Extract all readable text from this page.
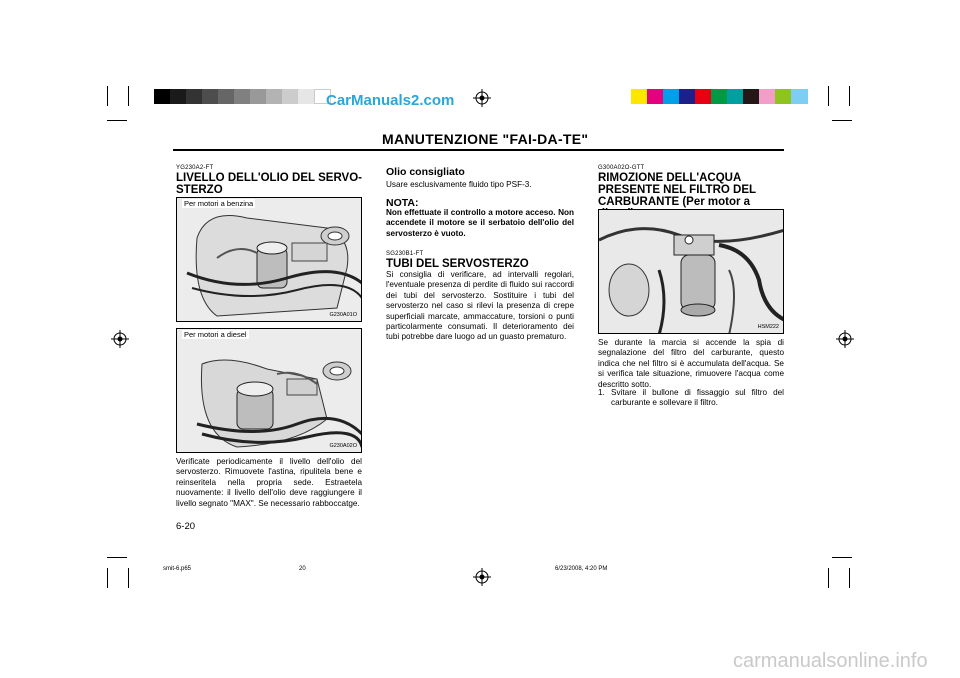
CarManuals2.com
MANUTENZIONE "FAI-DA-TE"
YG230A2-FT
LIVELLO DELL'OLIO DEL SERVO-STERZO
Per motori a benzina
G230A01O
Per motori a diesel
G230A02O
Verificate periodicamente il livello dell'olio del servosterzo. Rimuovete l'astina, ripulitela bene e reinseritela nella propria sede. Estraetela nuovamente: il livello dell'olio deve raggiungere il livello segnato "MAX". Se necessario rabboccatge.
6-20
Olio consigliato
Usare esclusivamente fluido tipo PSF-3.
NOTA:
Non effettuate il controllo a motore acceso. Non accendete il motore se il serbatoio dell'olio del servosterzo è vuoto.
SG230B1-FT
TUBI DEL SERVOSTERZO
Si consiglia di verificare, ad intervalli regolari, l'eventuale presenza di perdite di fluido sui raccordi dei tubi del servosterzo. Sostituire i tubi del servosterzo nel caso si rilevi la presenza di crepe superficiali marcate, ammaccature, torsioni o punti particolarmente consumati. Il deterioramento dei tubi potrebbe dare luogo ad un guasto prematuro.
G300A02O-GTT
RIMOZIONE DELL'ACQUA PRESENTE NEL FILTRO DEL CARBURANTE (Per motor a
HSM222
Se durante la marcia si accende la spia di segnalazione del filtro del carburante, questo indica che nel filtro si è accumulata dell'acqua. Se si verifica tale situazione, rimuovere l'acqua come descritto sotto.
1. Svitare il bullone di fissaggio sul filtro del carburante e sollevare il filtro.
smit-6.p65	20	6/23/2008, 4:20 PM
carmanualsonline.info
